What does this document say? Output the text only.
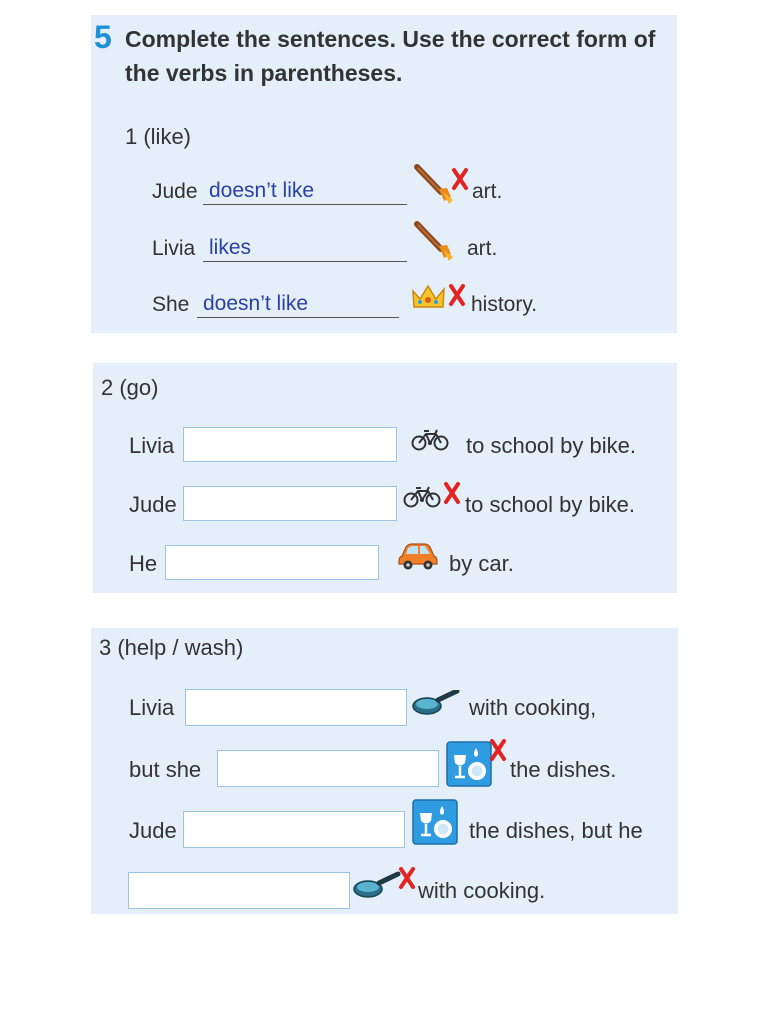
5 Complete the sentences. Use the correct form of
the verbs in parentheses.
1 (like)
Jude doesn’t like	art.
Livia likes	art.
She doesn’t like	history.
2 (go)
Livia	to school by bike.
Jude	to school by bike.
He	by car.
3 (help / wash)
Livia	with cooking,
but she	the dishes.
Jude	the dishes, but he
with cooking.
